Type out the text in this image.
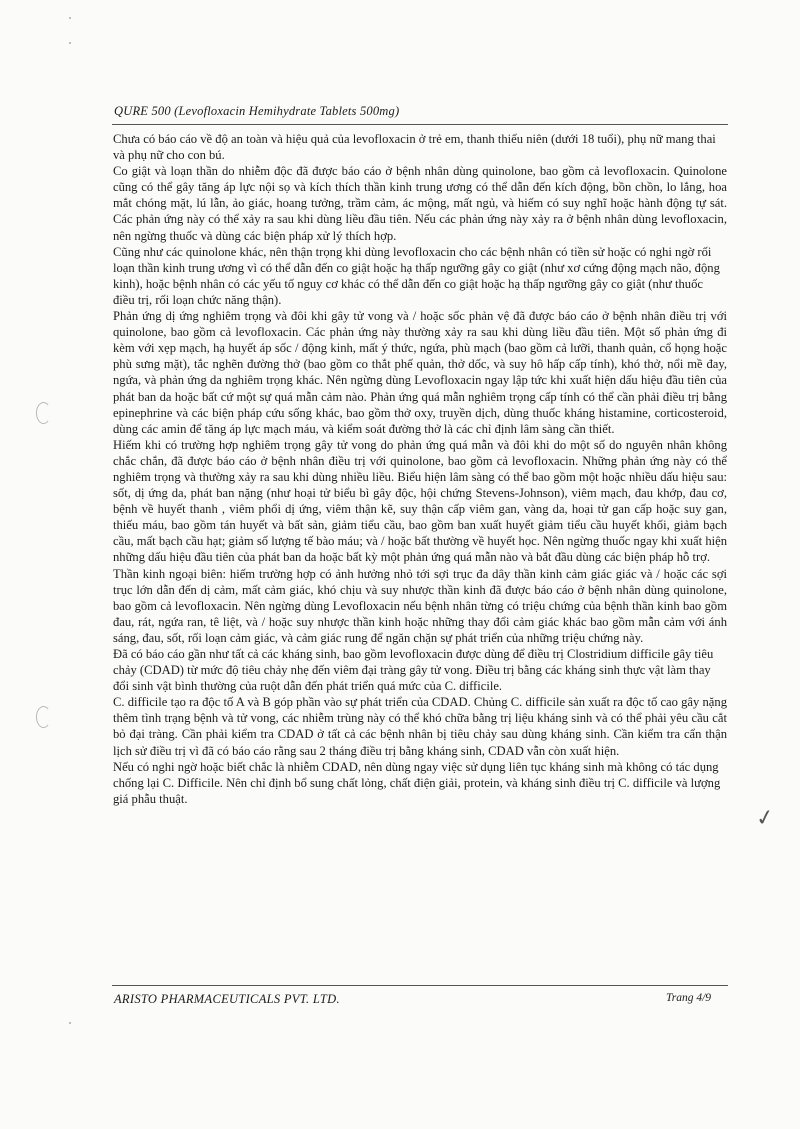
QURE 500 (Levofloxacin Hemihydrate Tablets 500mg)

Chưa có báo cáo về độ an toàn và hiệu quả của levofloxacin ở trẻ em, thanh thiếu niên (dưới 18 tuổi), phụ nữ mang thai và phụ nữ cho con bú.

Co giật và loạn thần do nhiễm độc đã được báo cáo ở bệnh nhân dùng quinolone, bao gồm cả levofloxacin. Quinolone cũng có thể gây tăng áp lực nội sọ và kích thích thần kinh trung ương có thể dẫn đến kích động, bồn chồn, lo lắng, hoa mắt chóng mặt, lú lẫn, ảo giác, hoang tưởng, trầm cảm, ác mộng, mất ngủ, và hiếm có suy nghĩ hoặc hành động tự sát. Các phản ứng này có thể xảy ra sau khi dùng liều đầu tiên. Nếu các phản ứng này xảy ra ở bệnh nhân dùng levofloxacin, nên ngừng thuốc và dùng các biện pháp xử lý thích hợp.

Cũng như các quinolone khác, nên thận trọng khi dùng levofloxacin cho các bệnh nhân có tiền sử hoặc có nghi ngờ rối loạn thần kinh trung ương vì có thể dẫn đến co giật hoặc hạ thấp ngưỡng gây co giật (như xơ cứng động mạch não, động kinh), hoặc bệnh nhân có các yếu tố nguy cơ khác có thể dẫn đến co giật hoặc hạ thấp ngưỡng gây co giật (như thuốc điều trị, rối loạn chức năng thận).

Phản ứng dị ứng nghiêm trọng và đôi khi gây tử vong và / hoặc sốc phản vệ đã được báo cáo ở bệnh nhân điều trị với quinolone, bao gồm cả levofloxacin. Các phản ứng này thường xảy ra sau khi dùng liều đầu tiên. Một số phản ứng đi kèm với xẹp mạch, hạ huyết áp sốc / động kinh, mất ý thức, ngứa, phù mạch (bao gồm cả lưỡi, thanh quản, cổ họng hoặc phù sưng mặt), tắc nghẽn đường thở (bao gồm co thắt phế quản, thở dốc, và suy hô hấp cấp tính), khó thở, nổi mề đay, ngứa, và phản ứng da nghiêm trọng khác. Nên ngừng dùng Levofloxacin ngay lập tức khi xuất hiện dấu hiệu đầu tiên của phát ban da hoặc bất cứ một sự quá mẫn cảm nào. Phản ứng quá mẫn nghiêm trọng cấp tính có thể cần phải điều trị bằng epinephrine và các biện pháp cứu sống khác, bao gồm thở oxy, truyền dịch, dùng thuốc kháng histamine, corticosteroid, dùng các amin để tăng áp lực mạch máu, và kiểm soát đường thở là các chỉ định lâm sàng cần thiết.

Hiếm khi có trường hợp nghiêm trọng gây tử vong do phản ứng quá mẫn và đôi khi do một số do nguyên nhân không chắc chắn, đã được báo cáo ở bệnh nhân điều trị với quinolone, bao gồm cả levofloxacin. Những phản ứng này có thể nghiêm trọng và thường xảy ra sau khi dùng nhiều liều. Biểu hiện lâm sàng có thể bao gồm một hoặc nhiều dấu hiệu sau: sốt, dị ứng da, phát ban nặng (như hoại tử biểu bì gây độc, hội chứng Stevens-Johnson), viêm mạch, đau khớp, đau cơ, bệnh về huyết thanh , viêm phổi dị ứng, viêm thận kẽ, suy thận cấp viêm gan, vàng da, hoại tử gan cấp hoặc suy gan, thiếu máu, bao gồm tán huyết và bất sản, giảm tiểu cầu, bao gồm ban xuất huyết giảm tiểu cầu huyết khối, giảm bạch cầu, mất bạch cầu hạt; giảm số lượng tế bào máu; và / hoặc bất thường về huyết học. Nên ngừng thuốc ngay khi xuất hiện những dấu hiệu đầu tiên của phát ban da hoặc bất kỳ một phản ứng quá mẫn nào và bắt đầu dùng các biện pháp hỗ trợ.

Thần kinh ngoại biên: hiếm trường hợp có ảnh hưởng nhỏ tới sợi trục đa dây thần kinh cảm giác giác và / hoặc các sợi trục lớn dẫn đến dị cảm, mất cảm giác, khó chịu và suy nhược thần kinh đã được báo cáo ở bệnh nhân dùng quinolone, bao gồm cả levofloxacin. Nên ngừng dùng Levofloxacin nếu bệnh nhân từng có triệu chứng của bệnh thần kinh bao gồm đau, rát, ngứa ran, tê liệt, và / hoặc suy nhược thần kinh hoặc những thay đổi cảm giác khác bao gồm mẫn cảm với ánh sáng, đau, sốt, rối loạn cảm giác, và cảm giác rung để ngăn chặn sự phát triển của những triệu chứng này.

Đã có báo cáo gần như tất cả các kháng sinh, bao gồm levofloxacin được dùng để điều trị Clostridium difficile gây tiêu chảy (CDAD) từ mức độ tiêu chảy nhẹ đến viêm đại tràng gây tử vong. Điều trị bằng các kháng sinh thực vật làm thay đổi sinh vật bình thường của ruột dẫn đến phát triển quá mức của C. difficile.

C. difficile tạo ra độc tố A và B góp phần vào sự phát triển của CDAD. Chủng C. difficile sản xuất ra độc tố cao gây nặng thêm tình trạng bệnh và tử vong, các nhiễm trùng này có thể khó chữa bằng trị liệu kháng sinh và có thể phải yêu cầu cắt bỏ đại tràng. Cần phải kiểm tra CDAD ở tất cả các bệnh nhân bị tiêu chảy sau dùng kháng sinh. Cần kiểm tra cẩn thận lịch sử điều trị vì đã có báo cáo rằng sau 2 tháng điều trị bằng kháng sinh, CDAD vẫn còn xuất hiện.

Nếu có nghi ngờ hoặc biết chắc là nhiễm CDAD, nên dùng ngay việc sử dụng liên tục kháng sinh mà không có tác dụng chống lại C. Difficile. Nên chỉ định bổ sung chất lỏng, chất điện giải, protein, và kháng sinh điều trị C. difficile và lượng giá phẫu thuật.

ARISTO PHARMACEUTICALS PVT. LTD.	Trang 4/9
✓
